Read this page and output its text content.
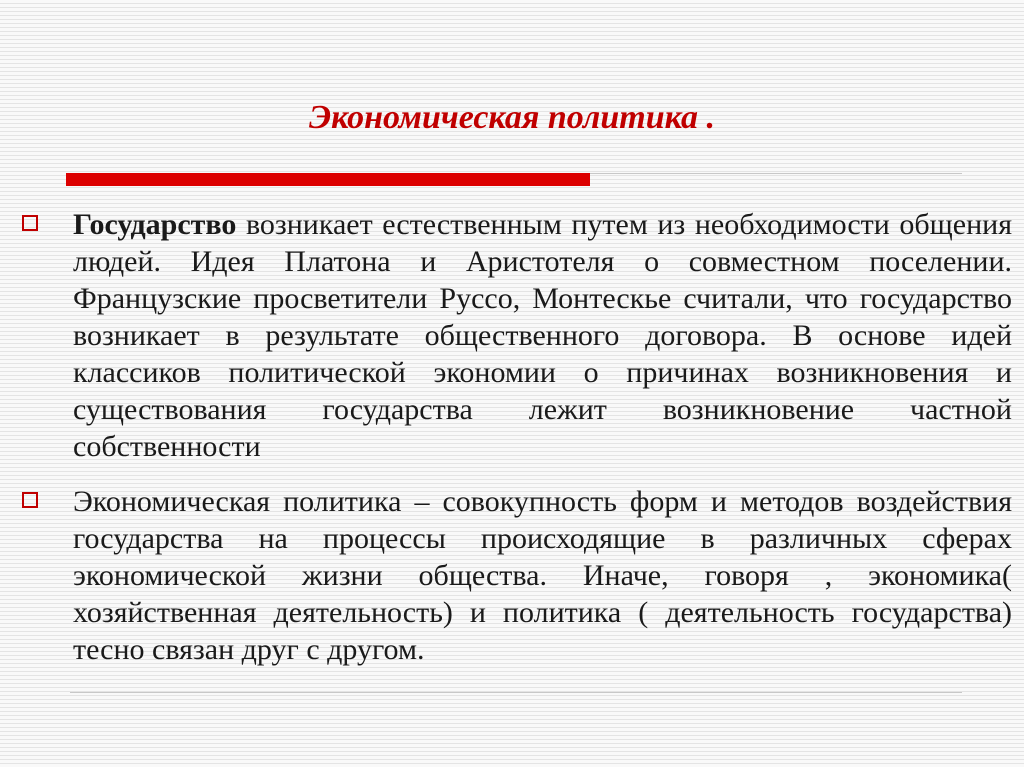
Экономическая политика .
Государство возникает естественным путем из необходимости общения людей. Идея Платона и Аристотеля о совместном поселении. Французские просветители Руссо, Монтескье считали, что государство возникает в результате общественного договора. В основе идей классиков политической экономии о причинах возникновения и существования государства лежит возникновение частной собственности
Экономическая политика – совокупность форм и методов воздействия государства на процессы происходящие в различных сферах экономической жизни общества. Иначе, говоря , экономика( хозяйственная деятельность) и политика ( деятельность государства) тесно связан друг с другом.
